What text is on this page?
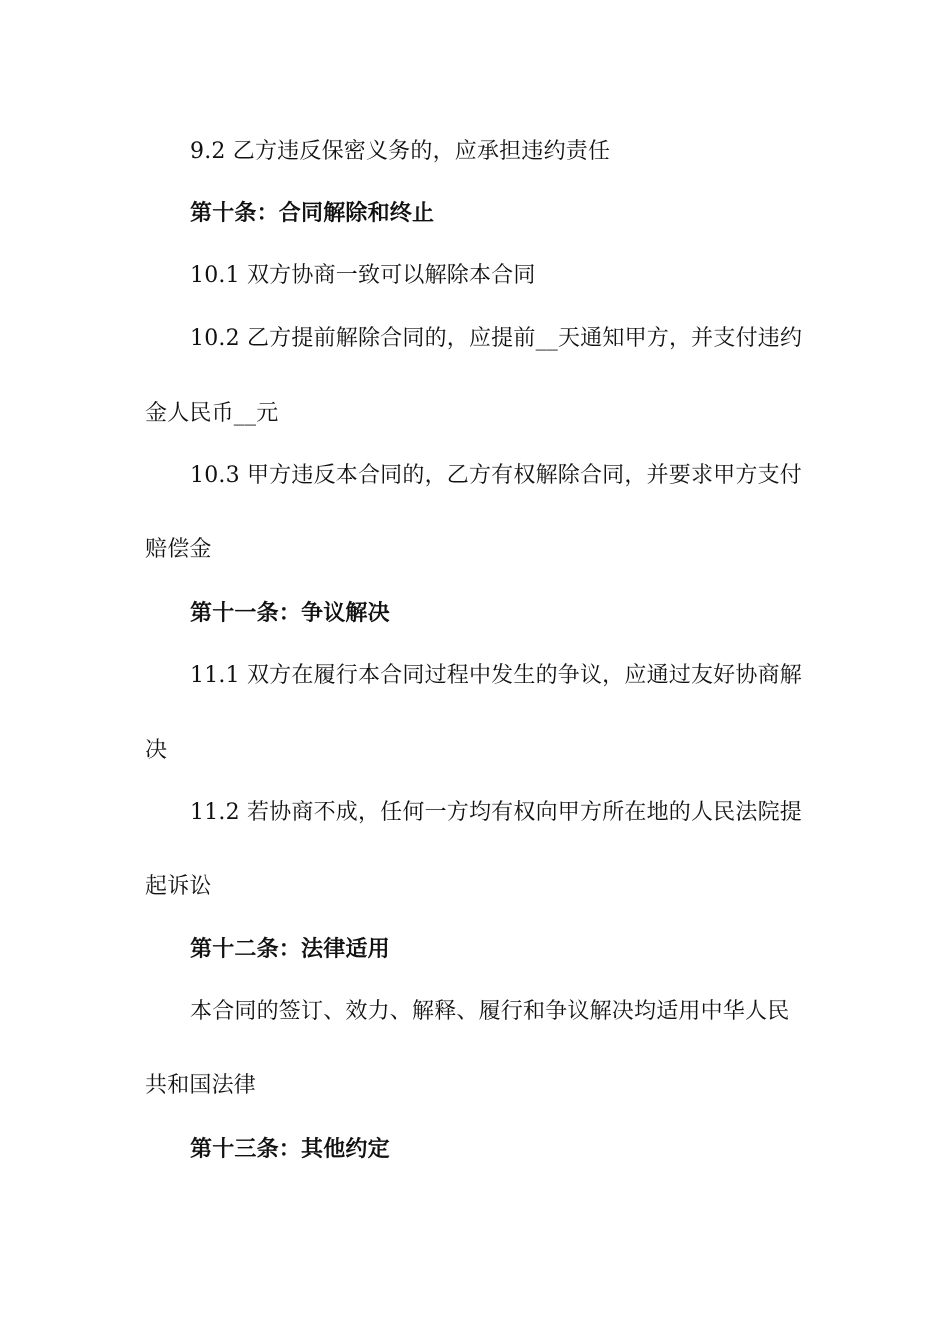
9.2 乙方违反保密义务的，应承担违约责任
第十条：合同解除和终止
10.1 双方协商一致可以解除本合同
10.2 乙方提前解除合同的，应提前__天通知甲方，并支付违约
金人民币__元
10.3 甲方违反本合同的，乙方有权解除合同，并要求甲方支付
赔偿金
第十一条：争议解决
11.1 双方在履行本合同过程中发生的争议，应通过友好协商解
决
11.2 若协商不成，任何一方均有权向甲方所在地的人民法院提
起诉讼
第十二条：法律适用
本合同的签订、效力、解释、履行和争议解决均适用中华人民
共和国法律
第十三条：其他约定
